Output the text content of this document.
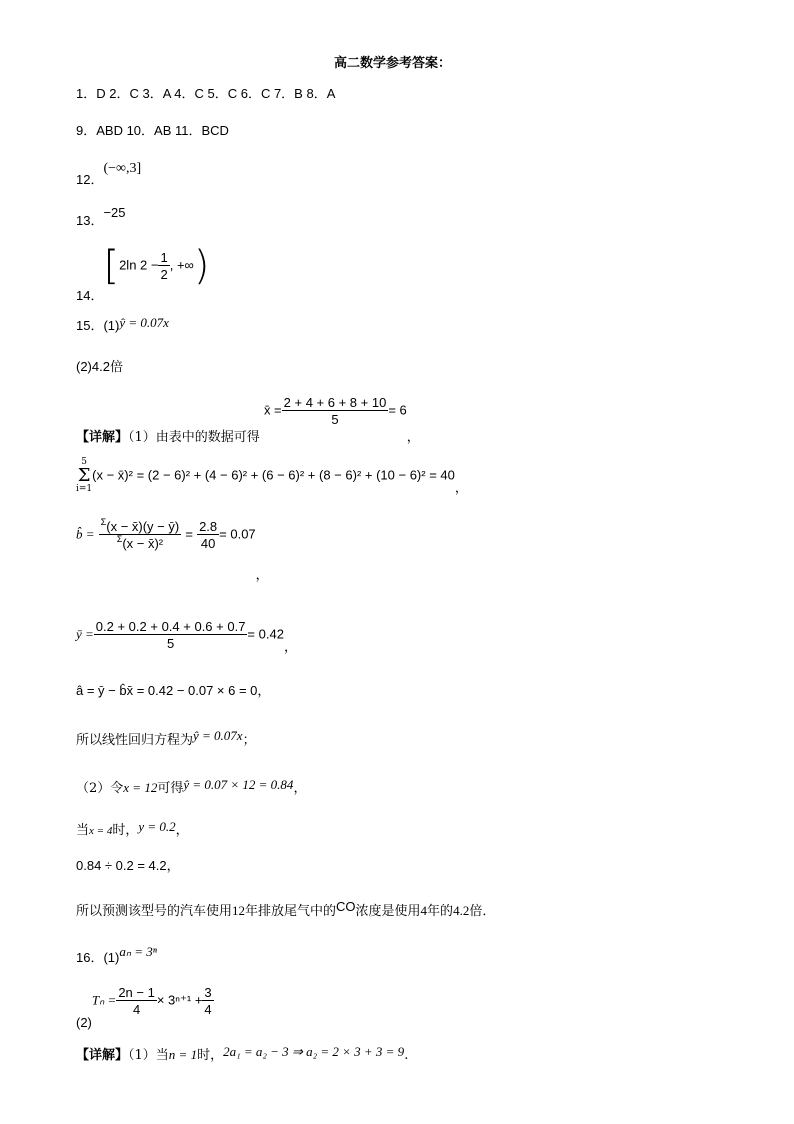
高二数学参考答案：
1．D 2．C 3．A 4．C 5．C 6．C 7．B 8．A
9．ABD 10．AB 11．BCD
12．(−∞,3]
13．−25
14．[2ln $2 - \frac{1}{2}$ , +∞)
15．(1)ŷ = 0.07x
(2)4.2倍
【详解】（1）由表中的数据可得 x̄ = $\frac{2 + 4 + 6 + 8 + 10}{5} = 6$，
5
Σ
i=1
(x − x̄)² = (2 − 6)² + (4 − 6)² + (6 − 6)² + (8 − 6)² + (10 − 6)² = 40，
b̂ = $\frac{^\Sigma(x - x̄)(y - ȳ)}{^\Sigma(x - x̄)^2} = \frac{2.8}{40} = 0.07$，
ȳ = $\frac{0.2 + 0.2 + 0.4 + 0.6 + 0.7}{5} = 0.42$，
â = ȳ − b̂x̄ = 0.42 − 0.07 × 6 = 0，
所以线性回归方程为ŷ = 0.07x；
（2）令x = 12可得ŷ = 0.07 × 12 = 0.84，
当x = 4时，y = 0.2，
0.84 ÷ 0.2 = 4.2，
所以预测该型号的汽车使用12年排放尾气中的CO浓度是使用4年的4.2倍．
16．(1)aₙ = 3ⁿ
$(2)T_n = \frac{2n - 1}{4} \times 3^{n+1} + \frac{3}{4}$
【详解】（1）当n = 1时，2a₁ = a₂ − 3 ⇒ a₂ = 2 × 3 + 3 = 9.
